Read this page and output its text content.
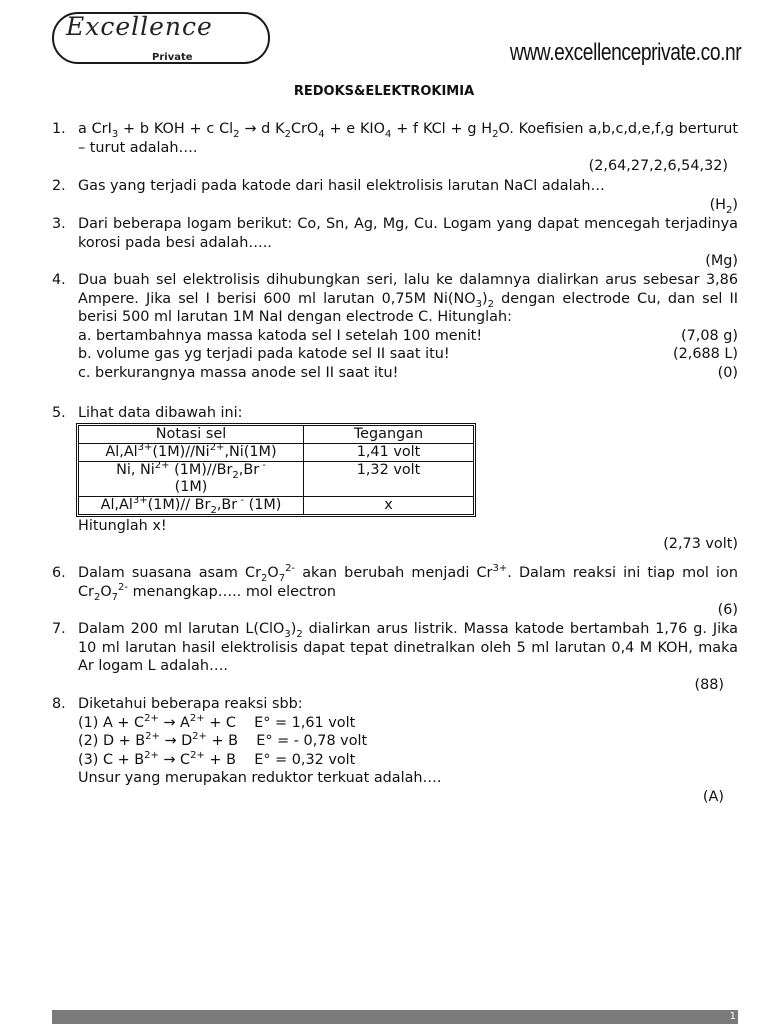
Excellence
Private	www.excellenceprivate.co.nr
REDOKS&ELEKTROKIMIA
1. a CrI$_3$ + b KOH + c $Cl_2 \to d$ $K_2CrO_4 + e$ $KIO_4 + f$ KCl + g $H_2O$. Koefisien a,b,c,d,e,f,g berturut – turut adalah….
(2,64,27,2,6,54,32)
2. Gas yang terjadi pada katode dari hasil elektrolisis larutan NaCl adalah…
$(H_2)$
3. Dari beberapa logam berikut: Co, Sn, Ag, Mg, Cu. Logam yang dapat mencegah terjadinya korosi pada besi adalah…..
(Mg)
4. Dua buah sel elektrolisis dihubungkan seri, lalu ke dalamnya dialirkan arus sebesar 3,86 Ampere. Jika sel I berisi 600 ml larutan 0,75M $Ni(NO_3)_2$ dengan electrode Cu, dan sel II berisi 500 ml larutan 1M NaI dengan electrode C. Hitunglah:
a. bertambahnya massa katoda sel I setelah 100 menit!	(7,08 g)
b. volume gas yg terjadi pada katode sel II saat itu!	(2,688 L)
c. berkurangnya massa anode sel II saat itu!	(0)
5. Lihat data dibawah ini:
Notasi sel	Tegangan
$Al,Al^{3+}(1M)//Ni^{2+},Ni(1M)$	1,41 volt
Ni, $Ni^{2+}$ $(1M)//Br_2,Br$ -
(1M)	1,32 volt
$Al,Al^{3+}(1M)//$ $Br_2,Br$ - (1M)	x
Hitunglah x!
(2,73 volt)
6. Dalam suasana asam $Cr_2O_7^{2-}$ akan berubah menjadi $Cr^{3+}$. Dalam reaksi ini tiap mol ion $Cr_2O_7^{2-}$ menangkap….. mol electron
(6)
7. Dalam 200 ml larutan $L(ClO_3)_2$ dialirkan arus listrik. Massa katode bertambah 1,76 g. Jika 10 ml larutan hasil elektrolisis dapat tepat dinetralkan oleh 5 ml larutan 0,4 M KOH, maka Ar logam L adalah….
(88)
8. Diketahui beberapa reaksi sbb:
(1) $A + C^{2+} \to A^{2+} + C$    E° = 1,61 volt
(2) $D + B^{2+} \to D^{2+} + B$    E° = - 0,78 volt
(3) $C + B^{2+} \to C^{2+} + B$    E° = 0,32 volt
Unsur yang merupakan reduktor terkuat adalah….
(A)
1
